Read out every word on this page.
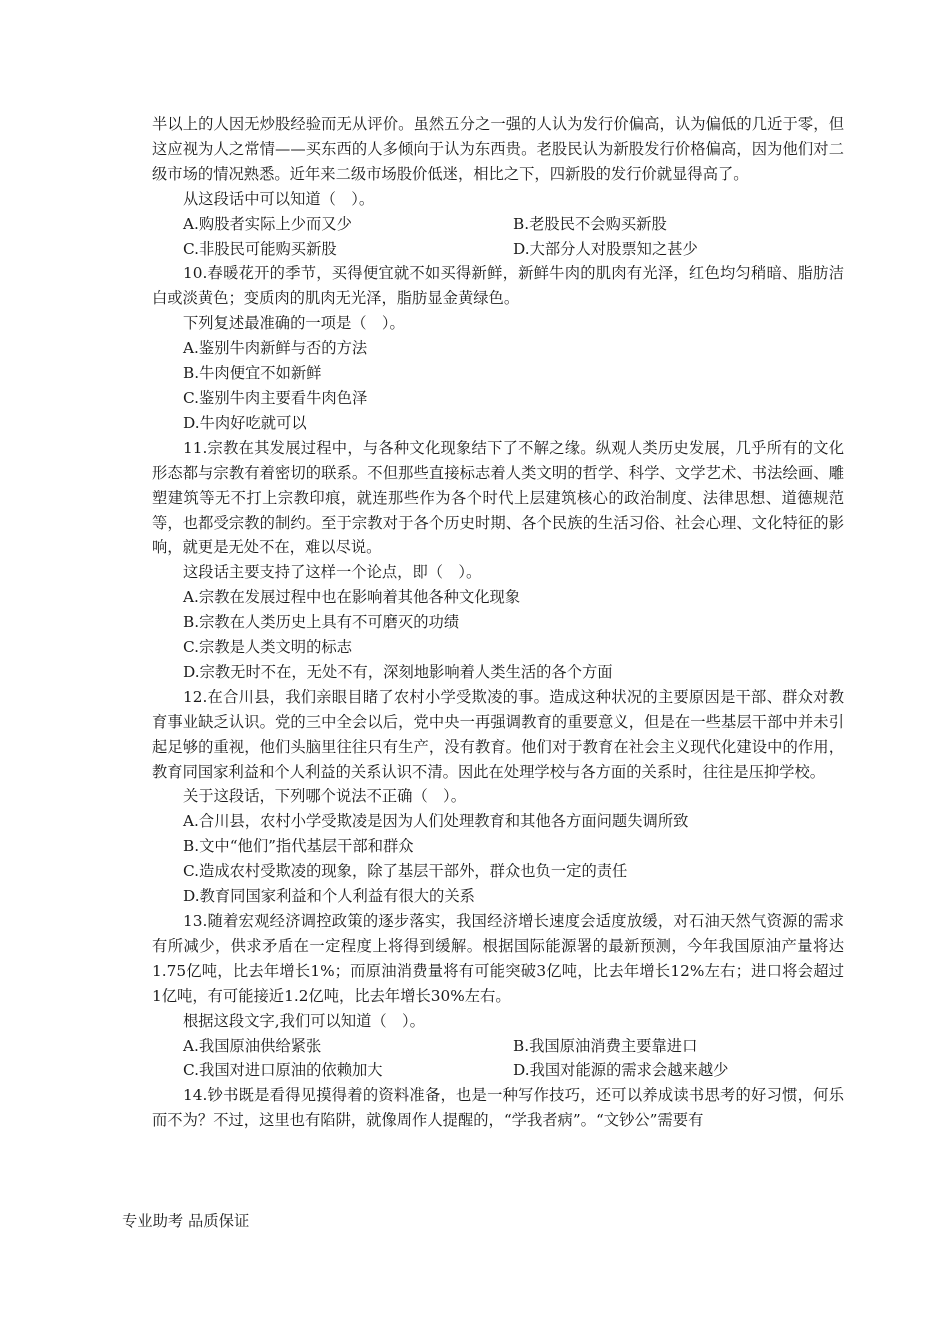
半以上的人因无炒股经验而无从评价。虽然五分之一强的人认为发行价偏高，认为偏低的几近于零，但这应视为人之常情——买东西的人多倾向于认为东西贵。老股民认为新股发行价格偏高，因为他们对二级市场的情况熟悉。近年来二级市场股价低迷，相比之下，四新股的发行价就显得高了。

从这段话中可以知道（　）。

A.购股者实际上少而又少	B.老股民不会购买新股
C.非股民可能购买新股	D.大部分人对股票知之甚少

10.春暖花开的季节，买得便宜就不如买得新鲜，新鲜牛肉的肌肉有光泽，红色均匀稍暗、脂肪洁白或淡黄色；变质肉的肌肉无光泽，脂肪显金黄绿色。

下列复述最准确的一项是（　）。

A.鉴别牛肉新鲜与否的方法

B.牛肉便宜不如新鲜

C.鉴别牛肉主要看牛肉色泽

D.牛肉好吃就可以

11.宗教在其发展过程中，与各种文化现象结下了不解之缘。纵观人类历史发展，几乎所有的文化形态都与宗教有着密切的联系。不但那些直接标志着人类文明的哲学、科学、文学艺术、书法绘画、雕塑建筑等无不打上宗教印痕，就连那些作为各个时代上层建筑核心的政治制度、法律思想、道德规范等，也都受宗教的制约。至于宗教对于各个历史时期、各个民族的生活习俗、社会心理、文化特征的影响，就更是无处不在，难以尽说。

这段话主要支持了这样一个论点，即（　）。

A.宗教在发展过程中也在影响着其他各种文化现象

B.宗教在人类历史上具有不可磨灭的功绩

C.宗教是人类文明的标志

D.宗教无时不在，无处不有，深刻地影响着人类生活的各个方面

12.在合川县，我们亲眼目睹了农村小学受欺凌的事。造成这种状况的主要原因是干部、群众对教育事业缺乏认识。党的三中全会以后，党中央一再强调教育的重要意义，但是在一些基层干部中并未引起足够的重视，他们头脑里往往只有生产，没有教育。他们对于教育在社会主义现代化建设中的作用，教育同国家利益和个人利益的关系认识不清。因此在处理学校与各方面的关系时，往往是压抑学校。

关于这段话，下列哪个说法不正确（　）。

A.合川县，农村小学受欺凌是因为人们处理教育和其他各方面问题失调所致

B.文中“他们”指代基层干部和群众

C.造成农村受欺凌的现象，除了基层干部外，群众也负一定的责任

D.教育同国家利益和个人利益有很大的关系

13.随着宏观经济调控政策的逐步落实，我国经济增长速度会适度放缓，对石油天然气资源的需求有所减少，供求矛盾在一定程度上将得到缓解。根据国际能源署的最新预测，今年我国原油产量将达1.75亿吨，比去年增长1%；而原油消费量将有可能突破3亿吨，比去年增长12%左右；进口将会超过1亿吨，有可能接近1.2亿吨，比去年增长30%左右。

根据这段文字,我们可以知道（　）。

A.我国原油供给紧张	B.我国原油消费主要靠进口
C.我国对进口原油的依赖加大	D.我国对能源的需求会越来越少

14.钞书既是看得见摸得着的资料准备，也是一种写作技巧，还可以养成读书思考的好习惯，何乐而不为？不过，这里也有陷阱，就像周作人提醒的，“学我者病”。“文钞公”需要有

专业助考 品质保证
